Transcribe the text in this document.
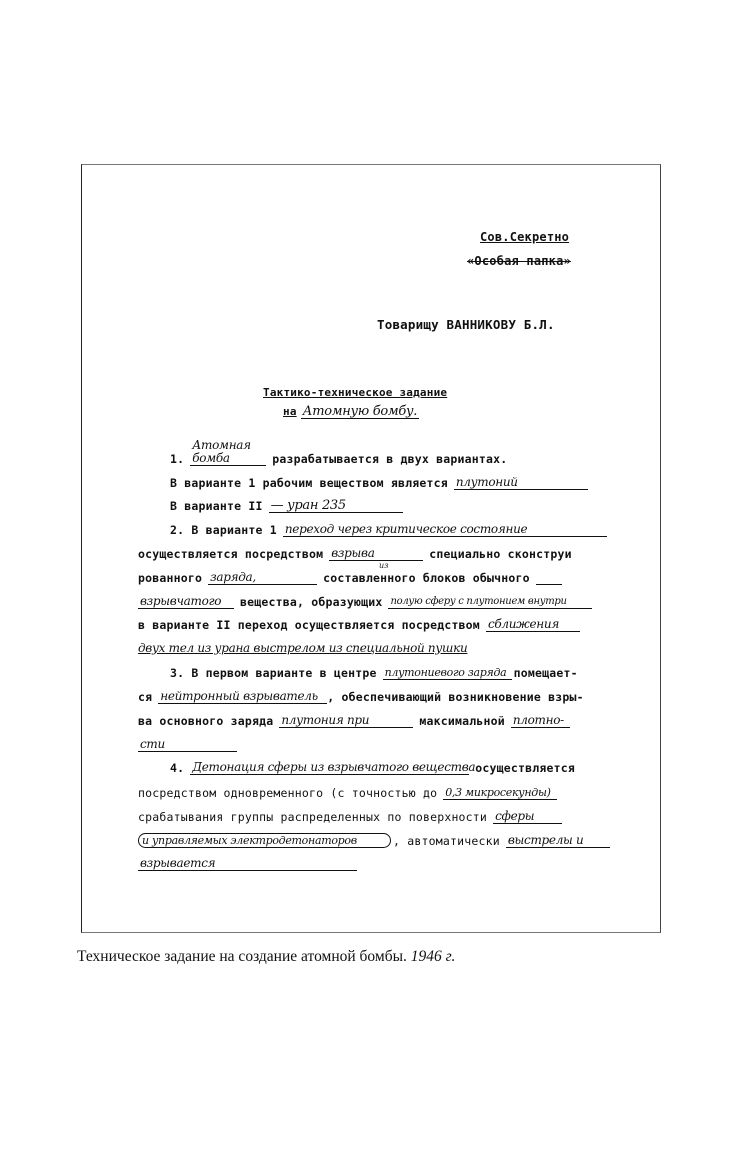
Сов.Секретно
«Особая папка»
Товарищу ВАННИКОВУ Б.Л.
Тактико-техническое задание
на Атомную бомбу.
1.
Атомная бомба	разрабатывается в двух вариантах.
В варианте 1 рабочим веществом является плутоний
В варианте II — уран 235
2. В варианте 1 переход через критическое состояние
осуществляется посредством взрыва	специально сконструи
из
рованного заряда,	составленного блоков обычного
взрывчатого	вещества, образующих полую сферу с плутонием внутри
в варианте II переход осуществляется посредством сближения
двух тел из урана выстрелом из специальной пушки
3. В первом варианте в центре плутониевого заряда помещает-
ся нейтронный взрыватель , обеспечивающий возникновение взры-
ва основного заряда плутония при	максимальной плотно-
сти
4. Детонация сферы из взрывчатого вещества осуществляется
посредством одновременного (с точностью до 0,3 микросекунды)
срабатывания группы распределенных по поверхности сферы
и управляемых электродетонаторов	, автоматически выстрелы и
взрывается
Техническое задание на создание атомной бомбы. 1946 г.
